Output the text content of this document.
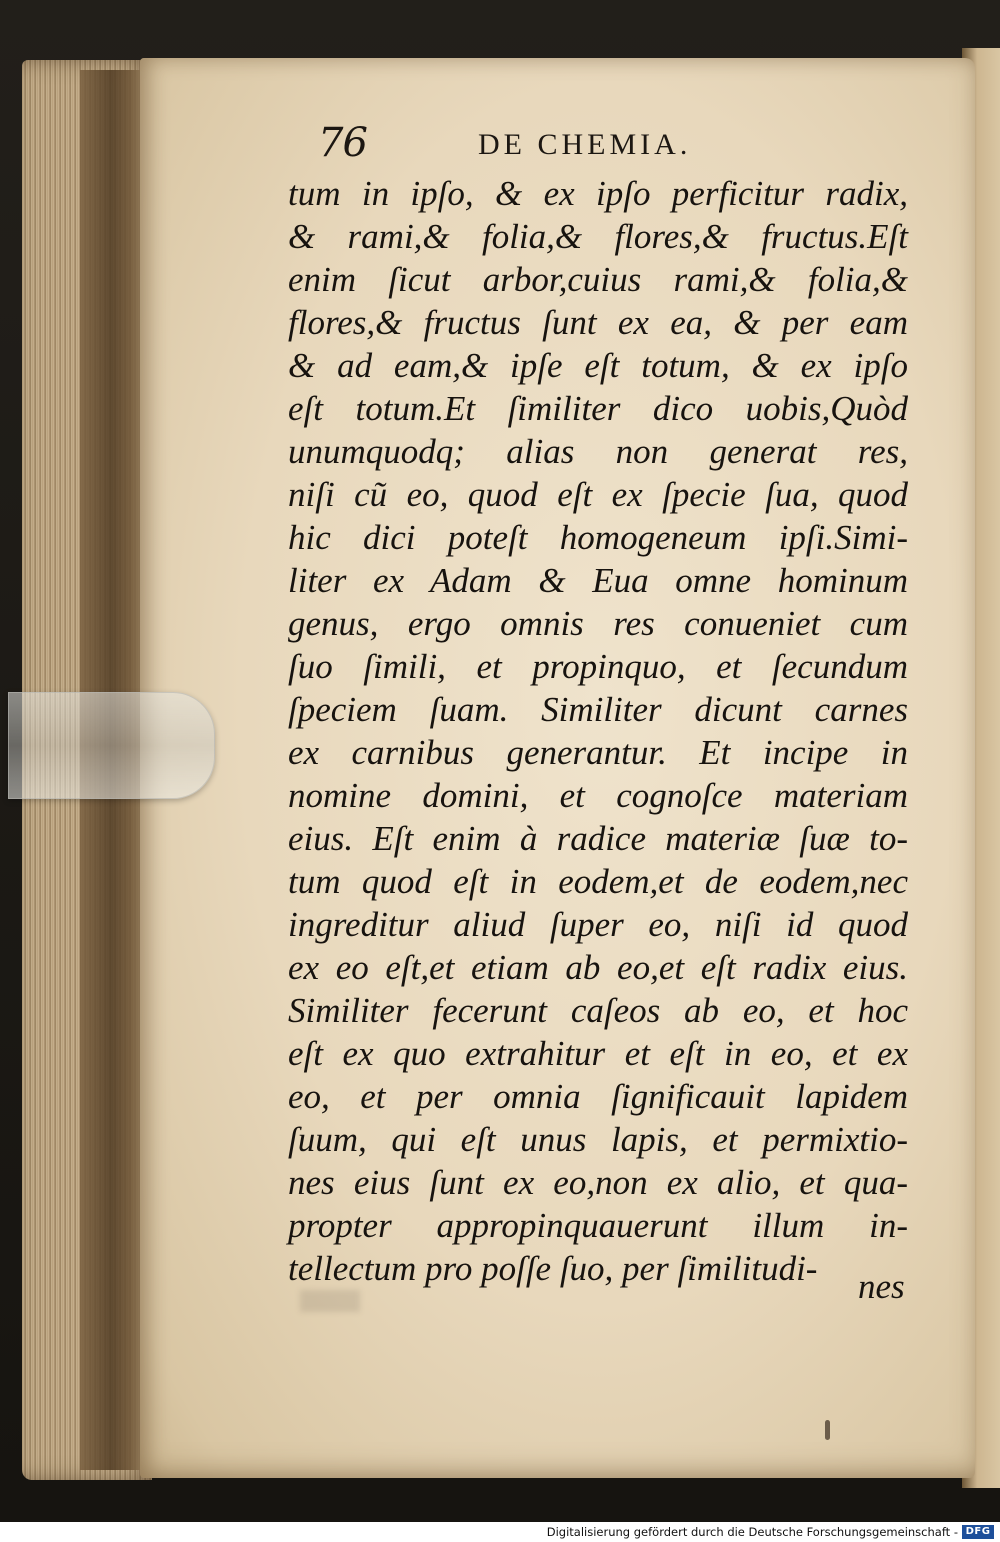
76	DE CHEMIA.
tum in ipſo, & ex ipſo perficitur radix,
& rami,& folia,& flores,& fructus.Eſt
enim ſicut arbor,cuius rami,& folia,&
flores,& fructus ſunt ex ea, & per eam
& ad eam,& ipſe eſt totum, & ex ipſo
eſt totum.Et ſimiliter dico uobis,Quòd
unumquodq; alias non generat res,
niſi cũ eo, quod eſt ex ſpecie ſua, quod
hic dici poteſt homogeneum ipſi.Simi-
liter ex Adam & Eua omne hominum
genus, ergo omnis res conueniet cum
ſuo ſimili, et propinquo, et ſecundum
ſpeciem ſuam. Similiter dicunt carnes
ex carnibus generantur. Et incipe in
nomine domini, et cognoſce materiam
eius. Eſt enim à radice materiæ ſuæ to-
tum quod eſt in eodem,et de eodem,nec
ingreditur aliud ſuper eo, niſi id quod
ex eo eſt,et etiam ab eo,et eſt radix eius.
Similiter fecerunt caſeos ab eo, et hoc
eſt ex quo extrahitur et eſt in eo, et ex
eo, et per omnia ſignificauit lapidem
ſuum, qui eſt unus lapis, et permixtio-
nes eius ſunt ex eo,non ex alio, et qua-
propter appropinquauerunt illum in-
tellectum pro poſſe ſuo, per ſimilitudi-	nes
Digitalisierung gefördert durch die Deutsche Forschungsgemeinschaft - DFG
